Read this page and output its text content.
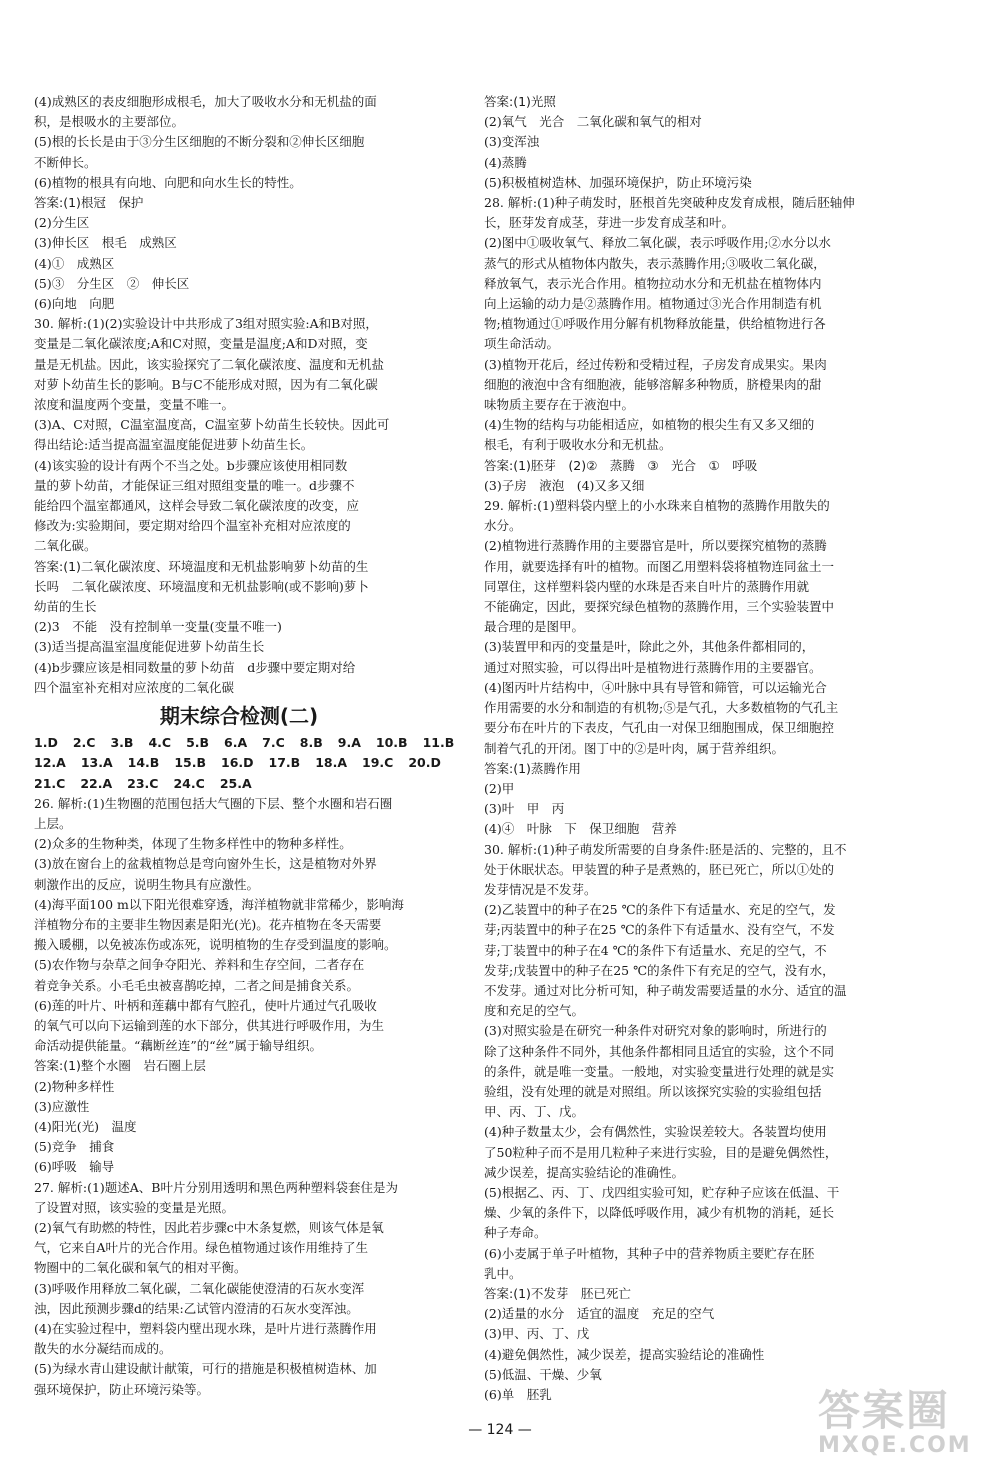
(4)成熟区的表皮细胞形成根毛，加大了吸收水分和无机盐的面
积，是根吸水的主要部位。
(5)根的长长是由于③分生区细胞的不断分裂和②伸长区细胞
不断伸长。
(6)植物的根具有向地、向肥和向水生长的特性。
答案:(1)根冠　保护
(2)分生区
(3)伸长区　根毛　成熟区
(4)①　成熟区
(5)③　分生区　②　伸长区
(6)向地　向肥
30. 解析:(1)(2)实验设计中共形成了3组对照实验:A和B对照，
变量是二氧化碳浓度;A和C对照，变量是温度;A和D对照，变
量是无机盐。因此，该实验探究了二氧化碳浓度、温度和无机盐
对萝卜幼苗生长的影响。B与C不能形成对照，因为有二氧化碳
浓度和温度两个变量，变量不唯一。
(3)A、C对照，C温室温度高，C温室萝卜幼苗生长较快。因此可
得出结论:适当提高温室温度能促进萝卜幼苗生长。
(4)该实验的设计有两个不当之处。b步骤应该使用相同数
量的萝卜幼苗，才能保证三组对照组变量的唯一。d步骤不
能给四个温室都通风，这样会导致二氧化碳浓度的改变，应
修改为:实验期间，要定期对给四个温室补充相对应浓度的
二氧化碳。
答案:(1)二氧化碳浓度、环境温度和无机盐影响萝卜幼苗的生
长吗　二氧化碳浓度、环境温度和无机盐影响(或不影响)萝卜
幼苗的生长
(2)3　不能　没有控制单一变量(变量不唯一)
(3)适当提高温室温度能促进萝卜幼苗生长
(4)b步骤应该是相同数量的萝卜幼苗　d步骤中要定期对给
四个温室补充相对应浓度的二氧化碳
期末综合检测(二)
1.D 2.C 3.B 4.C 5.B 6.A 7.C 8.B 9.A 10.B 11.B
12.A 13.A 14.B 15.B 16.D 17.B 18.A 19.C 20.D
21.C 22.A 23.C 24.C 25.A
26. 解析:(1)生物圈的范围包括大气圈的下层、整个水圈和岩石圈
上层。
(2)众多的生物种类，体现了生物多样性中的物种多样性。
(3)放在窗台上的盆栽植物总是弯向窗外生长，这是植物对外界
刺激作出的反应，说明生物具有应激性。
(4)海平面100 m以下阳光很难穿透，海洋植物就非常稀少，影响海
洋植物分布的主要非生物因素是阳光(光)。花卉植物在冬天需要
搬入暖棚，以免被冻伤或冻死，说明植物的生存受到温度的影响。
(5)农作物与杂草之间争夺阳光、养料和生存空间，二者存在
着竞争关系。小毛毛虫被喜鹊吃掉，二者之间是捕食关系。
(6)莲的叶片、叶柄和莲藕中都有气腔孔，使叶片通过气孔吸收
的氧气可以向下运输到莲的水下部分，供其进行呼吸作用，为生
命活动提供能量。“藕断丝连”的“丝”属于输导组织。
答案:(1)整个水圈　岩石圈上层
(2)物种多样性
(3)应激性
(4)阳光(光)　温度
(5)竞争　捕食
(6)呼吸　输导
27. 解析:(1)题述A、B叶片分别用透明和黑色两种塑料袋套住是为
了设置对照，该实验的变量是光照。
(2)氧气有助燃的特性，因此若步骤c中木条复燃，则该气体是氧
气，它来自A叶片的光合作用。绿色植物通过该作用维持了生
物圈中的二氧化碳和氧气的相对平衡。
(3)呼吸作用释放二氧化碳，二氧化碳能使澄清的石灰水变浑
浊，因此预测步骤d的结果:乙试管内澄清的石灰水变浑浊。
(4)在实验过程中，塑料袋内壁出现水珠，是叶片进行蒸腾作用
散失的水分凝结而成的。
(5)为绿水青山建设献计献策，可行的措施是积极植树造林、加
强环境保护，防止环境污染等。
答案:(1)光照
(2)氧气　光合　二氧化碳和氧气的相对
(3)变浑浊
(4)蒸腾
(5)积极植树造林、加强环境保护，防止环境污染
28. 解析:(1)种子萌发时，胚根首先突破种皮发育成根，随后胚轴伸
长，胚芽发育成茎，芽进一步发育成茎和叶。
(2)图中①吸收氧气、释放二氧化碳，表示呼吸作用;②水分以水
蒸气的形式从植物体内散失，表示蒸腾作用;③吸收二氧化碳，
释放氧气，表示光合作用。植物拉动水分和无机盐在植物体内
向上运输的动力是②蒸腾作用。植物通过③光合作用制造有机
物;植物通过①呼吸作用分解有机物释放能量，供给植物进行各
项生命活动。
(3)植物开花后，经过传粉和受精过程，子房发育成果实。果肉
细胞的液泡中含有细胞液，能够溶解多种物质，脐橙果肉的甜
味物质主要存在于液泡中。
(4)生物的结构与功能相适应，如植物的根尖生有又多又细的
根毛，有利于吸收水分和无机盐。
答案:(1)胚芽　(2)②　蒸腾　③　光合　①　呼吸
(3)子房　液泡　(4)又多又细
29. 解析:(1)塑料袋内壁上的小水珠来自植物的蒸腾作用散失的
水分。
(2)植物进行蒸腾作用的主要器官是叶，所以要探究植物的蒸腾
作用，就要选择有叶的植物。而图乙用塑料袋将植物连同盆土一
同罩住，这样塑料袋内壁的水珠是否来自叶片的蒸腾作用就
不能确定，因此，要探究绿色植物的蒸腾作用，三个实验装置中
最合理的是图甲。
(3)装置甲和丙的变量是叶，除此之外，其他条件都相同的，
通过对照实验，可以得出叶是植物进行蒸腾作用的主要器官。
(4)图丙叶片结构中，④叶脉中具有导管和筛管，可以运输光合
作用需要的水分和制造的有机物;⑤是气孔，大多数植物的气孔主
要分布在叶片的下表皮，气孔由一对保卫细胞围成，保卫细胞控
制着气孔的开闭。图丁中的②是叶肉，属于营养组织。
答案:(1)蒸腾作用
(2)甲
(3)叶　甲　丙
(4)④　叶脉　下　保卫细胞　营养
30. 解析:(1)种子萌发所需要的自身条件:胚是活的、完整的，且不
处于休眠状态。甲装置的种子是煮熟的，胚已死亡，所以①处的
发芽情况是不发芽。
(2)乙装置中的种子在25 ℃的条件下有适量水、充足的空气，发
芽;丙装置中的种子在25 ℃的条件下有适量水、没有空气，不发
芽;丁装置中的种子在4 ℃的条件下有适量水、充足的空气，不
发芽;戊装置中的种子在25 ℃的条件下有充足的空气，没有水，
不发芽。通过对比分析可知，种子萌发需要适量的水分、适宜的温
度和充足的空气。
(3)对照实验是在研究一种条件对研究对象的影响时，所进行的
除了这种条件不同外，其他条件都相同且适宜的实验，这个不同
的条件，就是唯一变量。一般地，对实验变量进行处理的就是实
验组，没有处理的就是对照组。所以该探究实验的实验组包括
甲、丙、丁、戊。
(4)种子数量太少，会有偶然性，实验误差较大。各装置均使用
了50粒种子而不是用几粒种子来进行实验，目的是避免偶然性，
减少误差，提高实验结论的准确性。
(5)根据乙、丙、丁、戊四组实验可知，贮存种子应该在低温、干
燥、少氧的条件下，以降低呼吸作用，减少有机物的消耗，延长
种子寿命。
(6)小麦属于单子叶植物，其种子中的营养物质主要贮存在胚
乳中。
答案:(1)不发芽　胚已死亡
(2)适量的水分　适宜的温度　充足的空气
(3)甲、丙、丁、戊
(4)避免偶然性，减少误差，提高实验结论的准确性
(5)低温、干燥、少氧
(6)单　胚乳
— 124 —	答案圈
MXQE.COM
